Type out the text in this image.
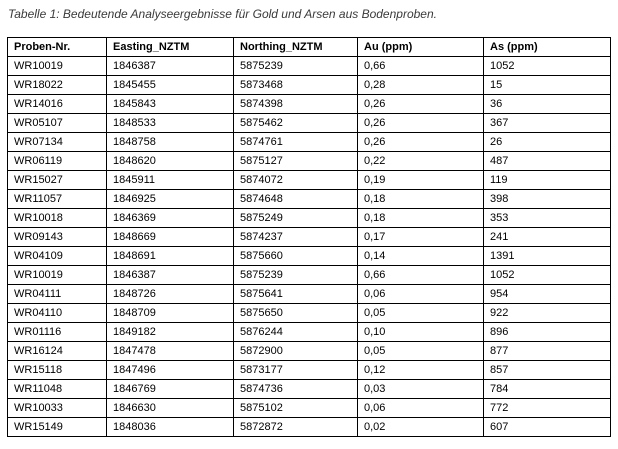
Tabelle 1: Bedeutende Analyseergebnisse für Gold und Arsen aus Bodenproben.
Proben-Nr.	Easting_NZTM	Northing_NZTM	Au (ppm)	As (ppm)
WR10019	1846387	5875239	0,66	1052
WR18022	1845455	5873468	0,28	15
WR14016	1845843	5874398	0,26	36
WR05107	1848533	5875462	0,26	367
WR07134	1848758	5874761	0,26	26
WR06119	1848620	5875127	0,22	487
WR15027	1845911	5874072	0,19	119
WR11057	1846925	5874648	0,18	398
WR10018	1846369	5875249	0,18	353
WR09143	1848669	5874237	0,17	241
WR04109	1848691	5875660	0,14	1391
WR10019	1846387	5875239	0,66	1052
WR04111	1848726	5875641	0,06	954
WR04110	1848709	5875650	0,05	922
WR01116	1849182	5876244	0,10	896
WR16124	1847478	5872900	0,05	877
WR15118	1847496	5873177	0,12	857
WR11048	1846769	5874736	0,03	784
WR10033	1846630	5875102	0,06	772
WR15149	1848036	5872872	0,02	607
